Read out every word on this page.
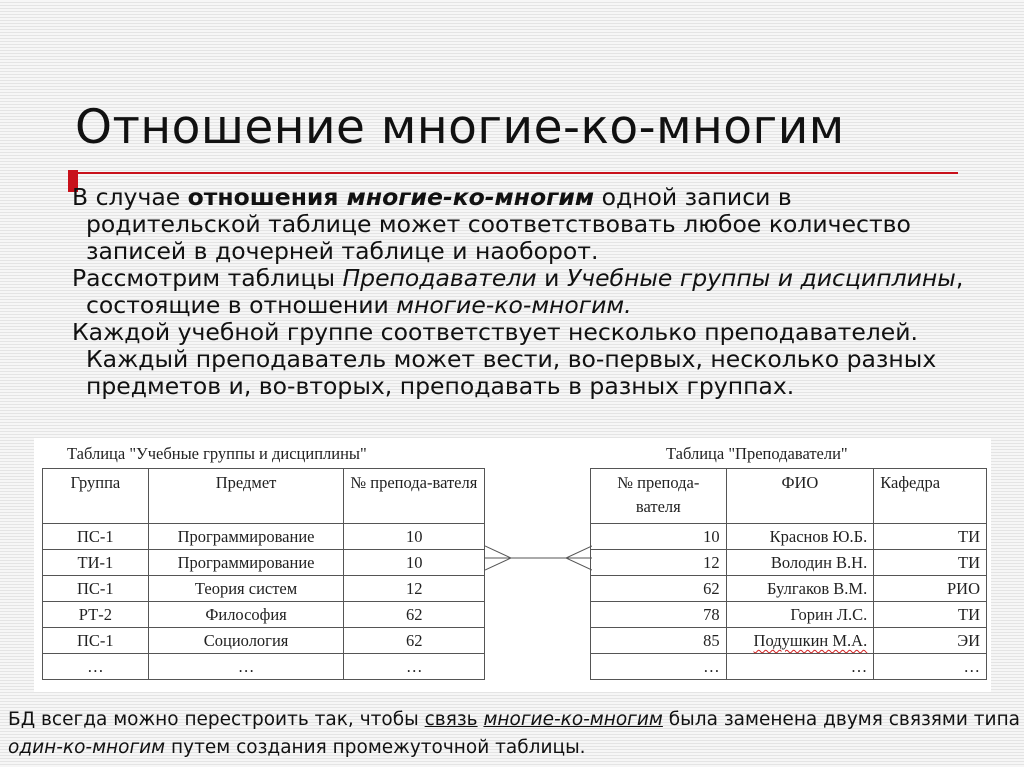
Отношение многие-ко-многим

В случае отношения многие-ко-многим одной записи в родительской таблице может соответствовать любое количество записей в дочерней таблице и наоборот.

Рассмотрим таблицы Преподаватели и Учебные группы и дисциплины, состоящие в отношении многие-ко-многим.

Каждой учебной группе соответствует несколько преподавателей. Каждый преподаватель может вести, во-первых, несколько разных предметов и, во-вторых, преподавать в разных группах.

Таблица "Учебные группы и дисциплины"
Группа	Предмет	№ препода-вателя
ПС-1	Программирование	10
ТИ-1	Программирование	10
ПС-1	Теория систем	12
РТ-2	Философия	62
ПС-1	Социология	62
…	…	…
Таблица "Преподаватели"
№ препода-вателя	ФИО	Кафедра
10	Краснов Ю.Б.	ТИ
12	Володин В.Н.	ТИ
62	Булгаков В.М.	РИО
78	Горин Л.С.	ТИ
85	Подушкин М.А.	ЭИ
…	…	…
БД всегда можно перестроить так, чтобы связь многие-ко-многим была заменена двумя связями типа один-ко-многим путем создания промежуточной таблицы.
